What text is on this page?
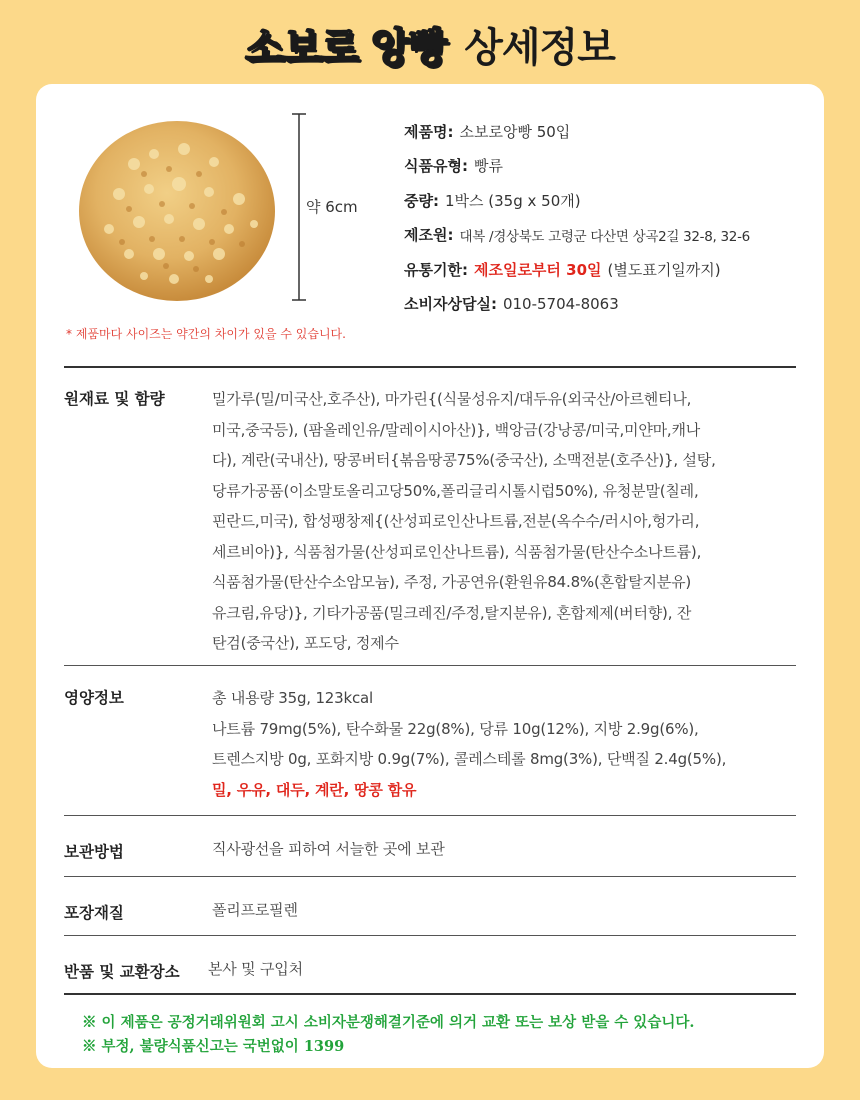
소보로 앙빵 상세정보
약 6cm
* 제품마다 사이즈는 약간의 차이가 있을 수 있습니다.
제품명: 소보로앙빵 50입
식품유형: 빵류
중량: 1박스 (35g x 50개)
제조원: 대복 /경상북도 고령군 다산면 상곡2길 32-8, 32-6
유통기한: 제조일로부터 30일 (별도표기일까지)
소비자상담실: 010-5704-8063
원재료 및 함량	밀가루(밀/미국산,호주산), 마가린{(식물성유지/대두유(외국산/아르헨티나,
미국,중국등), (팜올레인유/말레이시아산)}, 백앙금(강낭콩/미국,미얀마,캐나
다), 계란(국내산), 땅콩버터{볶음땅콩75%(중국산), 소맥전분(호주산)}, 설탕,
당류가공품(이소말토올리고당50%,폴리글리시톨시럽50%), 유청분말(칠레,
핀란드,미국), 합성팽창제{(산성피로인산나트륨,전분(옥수수/러시아,헝가리,
세르비아)}, 식품첨가물(산성피로인산나트륨), 식품첨가물(탄산수소나트륨),
식품첨가물(탄산수소암모늄), 주정, 가공연유(환원유84.8%(혼합탈지분유)
유크림,유당)}, 기타가공품(밀크레진/주정,탈지분유), 혼합제제(버터향), 잔
탄검(중국산), 포도당, 정제수
영양정보	총 내용량 35g, 123kcal
나트륨 79mg(5%), 탄수화물 22g(8%), 당류 10g(12%), 지방 2.9g(6%),
트렌스지방 0g, 포화지방 0.9g(7%), 콜레스테롤 8mg(3%), 단백질 2.4g(5%),
밀, 우유, 대두, 계란, 땅콩 함유
보관방법	직사광선을 피하여 서늘한 곳에 보관
포장재질	폴리프로필렌
반품 및 교환장소 본사 및 구입처
※ 이 제품은 공정거래위원회 고시 소비자분쟁해결기준에 의거 교환 또는 보상 받을 수 있습니다.
※ 부정, 불량식품신고는 국번없이 1399
